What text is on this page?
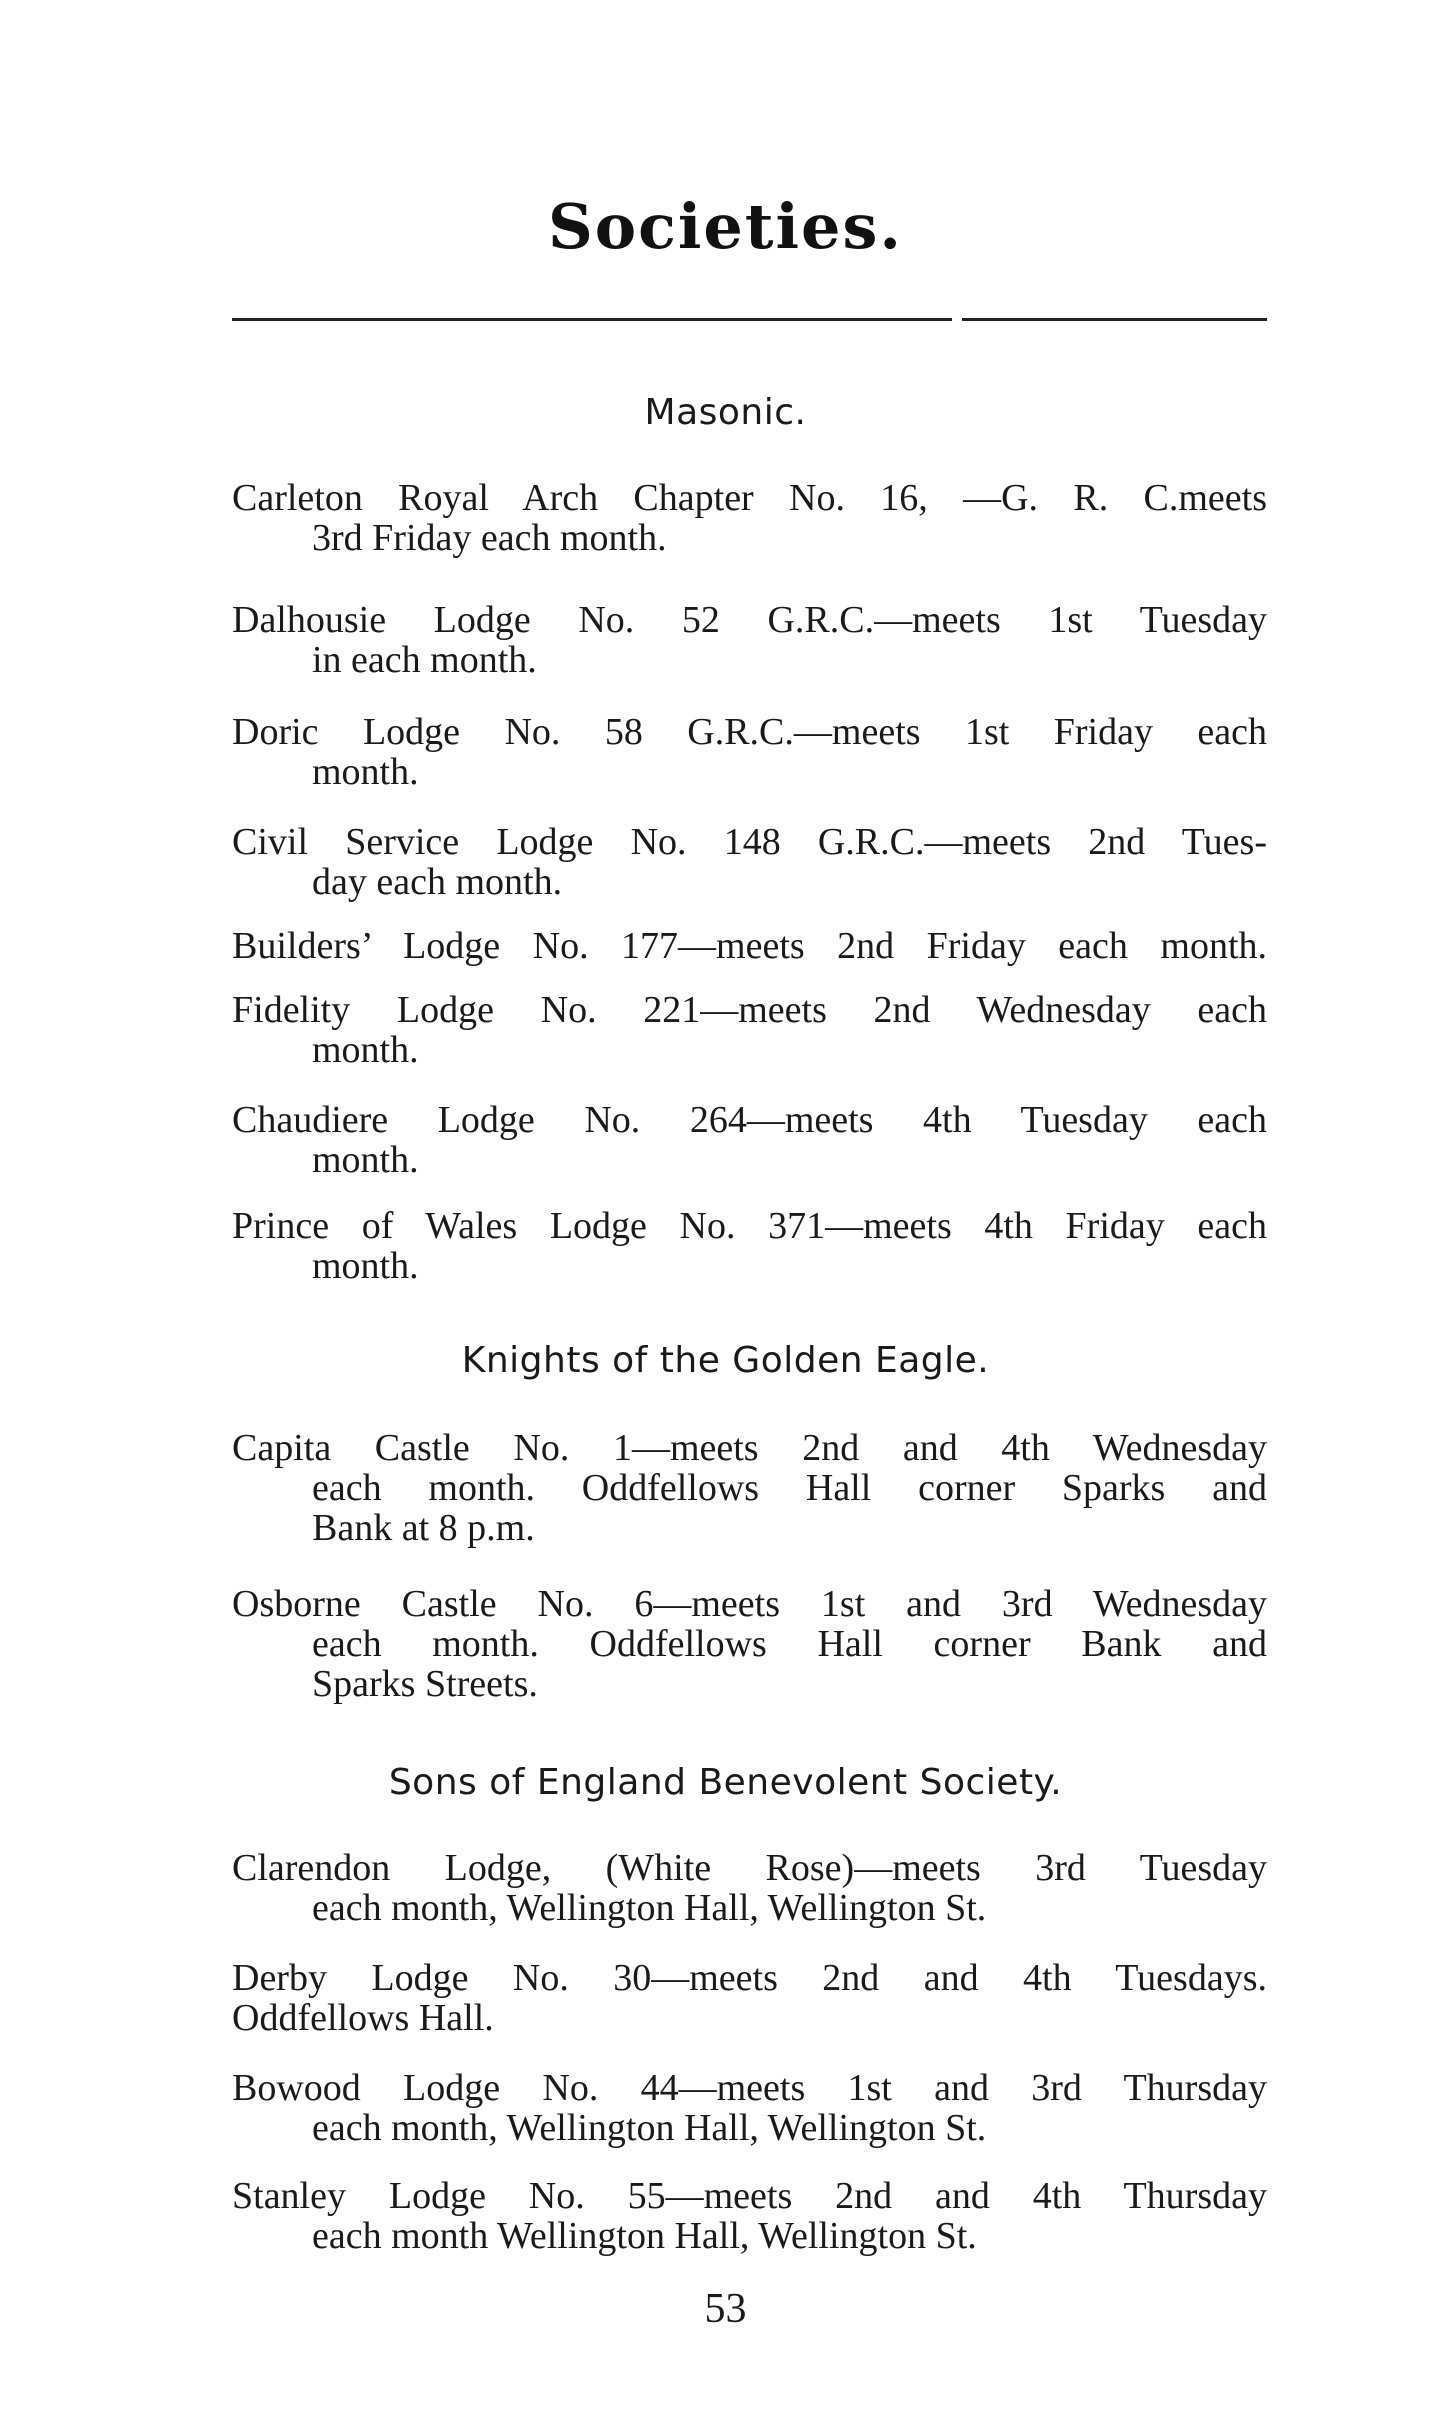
Societies.
Masonic.
Carleton Royal Arch Chapter No. 16, —G. R. C.meets
3rd Friday each month.
Dalhousie Lodge No. 52 G.R.C.—meets 1st Tuesday
in each month.
Doric Lodge No. 58 G.R.C.—meets 1st Friday each
month.
Civil Service Lodge No. 148 G.R.C.—meets 2nd Tues-
day each month.
Builders’ Lodge No. 177—meets 2nd Friday each month.
Fidelity Lodge No. 221—meets 2nd Wednesday each
month.
Chaudiere Lodge No. 264—meets 4th Tuesday each
month.
Prince of Wales Lodge No. 371—meets 4th Friday each
month.
Knights of the Golden Eagle.
Capita Castle No. 1—meets 2nd and 4th Wednesday
each month. Oddfellows Hall corner Sparks and
Bank at 8 p.m.
Osborne Castle No. 6—meets 1st and 3rd Wednesday
each month. Oddfellows Hall corner Bank and
Sparks Streets.
Sons of England Benevolent Society.
Clarendon Lodge, (White Rose)—meets 3rd Tuesday
each month, Wellington Hall, Wellington St.
Derby Lodge No. 30—meets 2nd and 4th Tuesdays.
Oddfellows Hall.
Bowood Lodge No. 44—meets 1st and 3rd Thursday
each month, Wellington Hall, Wellington St.
Stanley Lodge No. 55—meets 2nd and 4th Thursday
each month Wellington Hall, Wellington St.
53
